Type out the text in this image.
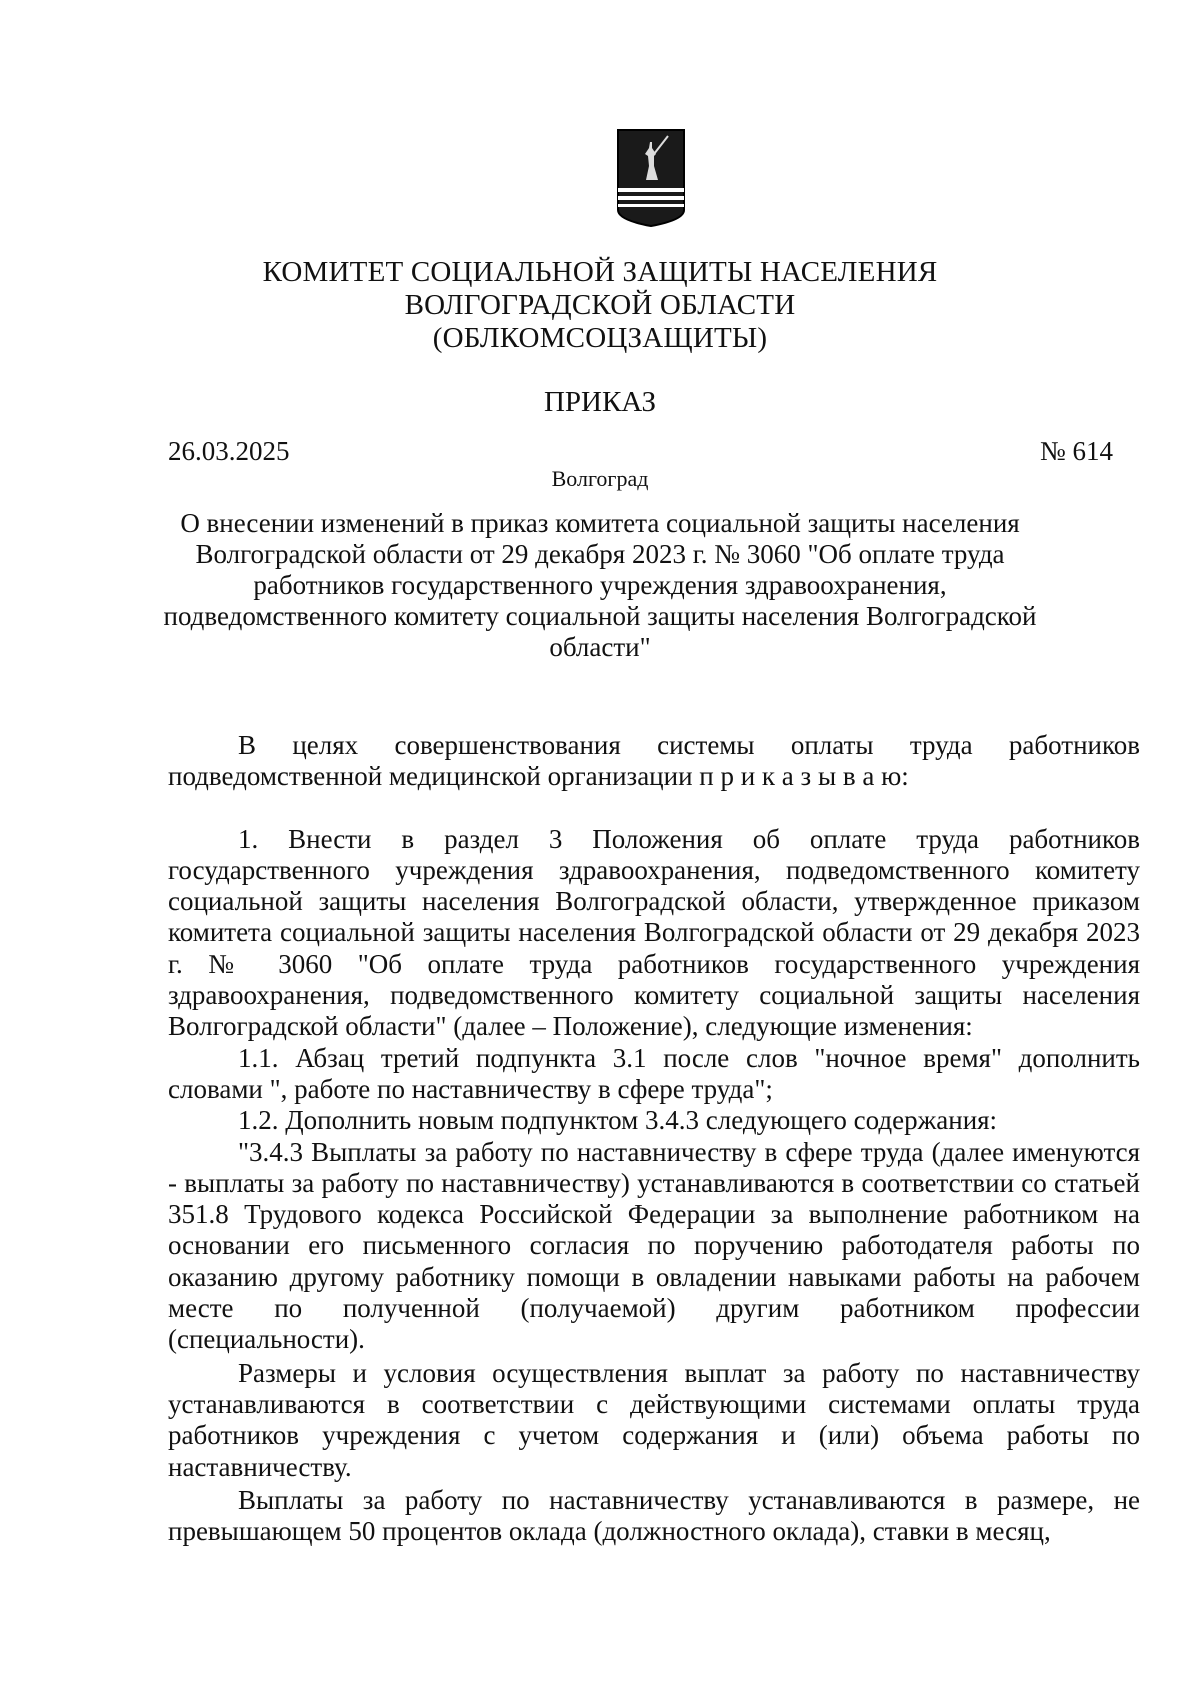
КОМИТЕТ СОЦИАЛЬНОЙ ЗАЩИТЫ НАСЕЛЕНИЯ
ВОЛГОГРАДСКОЙ ОБЛАСТИ
(ОБЛКОМСОЦЗАЩИТЫ)
ПРИКАЗ
26.03.2025	№ 614
Волгоград
О внесении изменений в приказ комитета социальной защиты населения
Волгоградской области от 29 декабря 2023 г. № 3060 "Об оплате труда
работников государственного учреждения здравоохранения,
подведомственного комитету социальной защиты населения Волгоградской
области"

В целях совершенствования системы оплаты труда работников подведомственной медицинской организации п р и к а з ы в а ю:

1. Внести в раздел 3 Положения об оплате труда работников государственного учреждения здравоохранения, подведомственного комитету социальной защиты населения Волгоградской области, утвержденное приказом комитета социальной защиты населения Волгоградской области от 29 декабря 2023 г. № 3060 "Об оплате труда работников государственного учреждения здравоохранения, подведомственного комитету социальной защиты населения Волгоградской области" (далее – Положение), следующие изменения:

1.1. Абзац третий подпункта 3.1 после слов "ночное время" дополнить словами ", работе по наставничеству в сфере труда";

1.2. Дополнить новым подпунктом 3.4.3 следующего содержания:

"3.4.3 Выплаты за работу по наставничеству в сфере труда (далее именуются - выплаты за работу по наставничеству) устанавливаются в соответствии со статьей 351.8 Трудового кодекса Российской Федерации за выполнение работником на основании его письменного согласия по поручению работодателя работы по оказанию другому работнику помощи в овладении навыками работы на рабочем месте по полученной (получаемой) другим работником профессии (специальности).

Размеры и условия осуществления выплат за работу по наставничеству устанавливаются в соответствии с действующими системами оплаты труда работников учреждения с учетом содержания и (или) объема работы по наставничеству.

Выплаты за работу по наставничеству устанавливаются в размере, не превышающем 50 процентов оклада (должностного оклада), ставки в месяц,
